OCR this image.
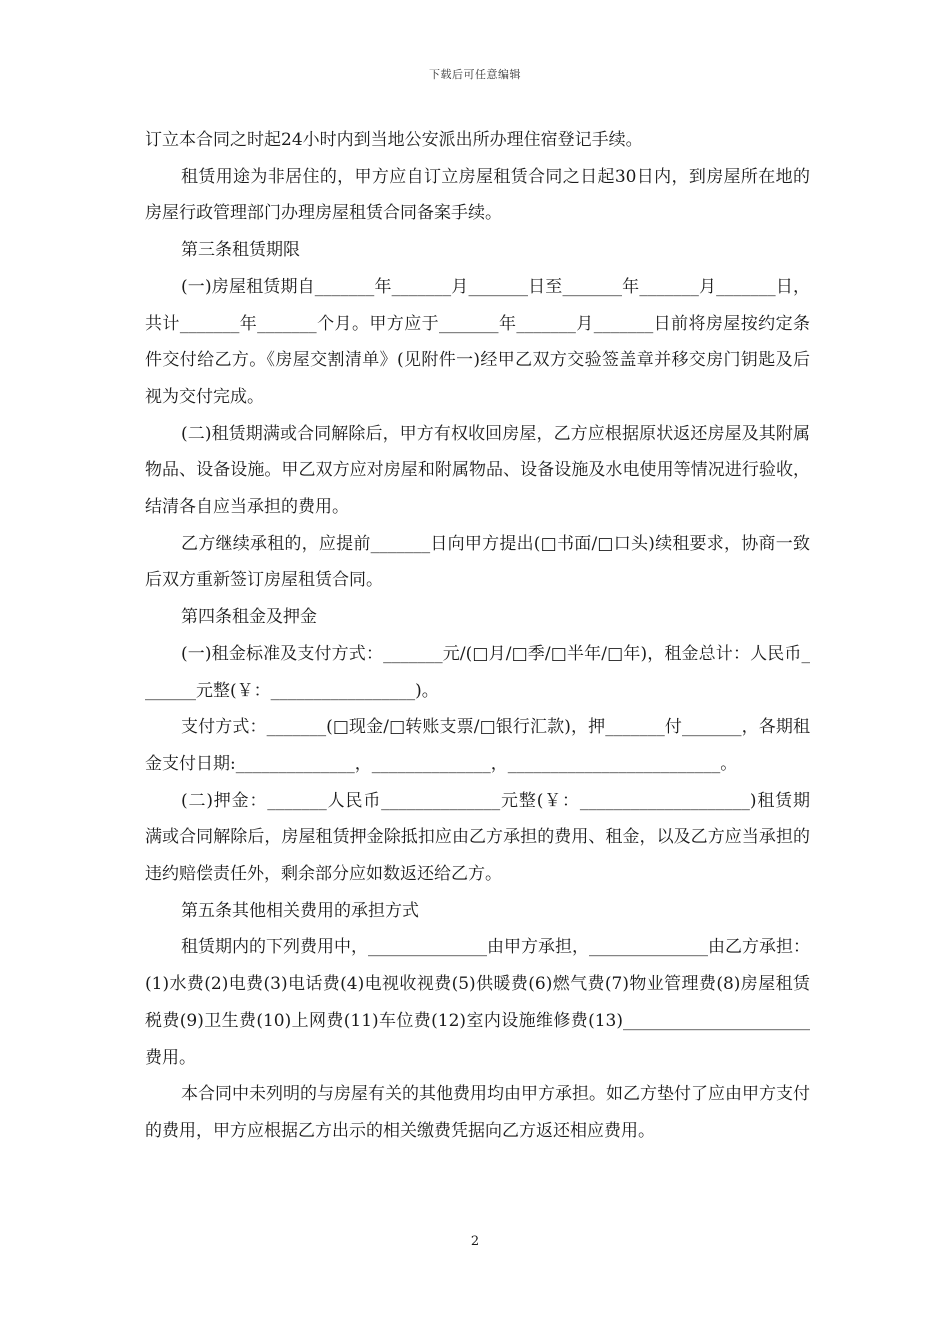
下载后可任意编辑

订立本合同之时起24小时内到当地公安派出所办理住宿登记手续。

租赁用途为非居住的，甲方应自订立房屋租赁合同之日起30日内，到房屋所在地的房屋行政管理部门办理房屋租赁合同备案手续。

第三条租赁期限

(一)房屋租赁期自_______年_______月_______日至_______年_______月_______日，共计_______年_______个月。甲方应于_______年_______月_______日前将房屋按约定条件交付给乙方。《房屋交割清单》(见附件一)经甲乙双方交验签盖章并移交房门钥匙及后视为交付完成。

(二)租赁期满或合同解除后，甲方有权收回房屋，乙方应根据原状返还房屋及其附属物品、设备设施。甲乙双方应对房屋和附属物品、设备设施及水电使用等情况进行验收，结清各自应当承担的费用。

乙方继续承租的，应提前_______日向甲方提出(□书面/□口头)续租要求，协商一致后双方重新签订房屋租赁合同。

第四条租金及押金

(一)租金标准及支付方式：_______元/(□月/□季/□半年/□年)，租金总计：人民币_______元整(￥：_________________)。

支付方式：_______(□现金/□转账支票/□银行汇款)，押_______付_______，各期租金支付日期:______________，______________，_________________________。

(二)押金：_______人民币______________元整(￥：____________________)租赁期满或合同解除后，房屋租赁押金除抵扣应由乙方承担的费用、租金，以及乙方应当承担的违约赔偿责任外，剩余部分应如数返还给乙方。

第五条其他相关费用的承担方式

租赁期内的下列费用中，______________由甲方承担，______________由乙方承担：(1)水费(2)电费(3)电话费(4)电视收视费(5)供暖费(6)燃气费(7)物业管理费(8)房屋租赁税费(9)卫生费(10)上网费(11)车位费(12)室内设施维修费(13)______________________费用。

本合同中未列明的与房屋有关的其他费用均由甲方承担。如乙方垫付了应由甲方支付的费用，甲方应根据乙方出示的相关缴费凭据向乙方返还相应费用。

2
